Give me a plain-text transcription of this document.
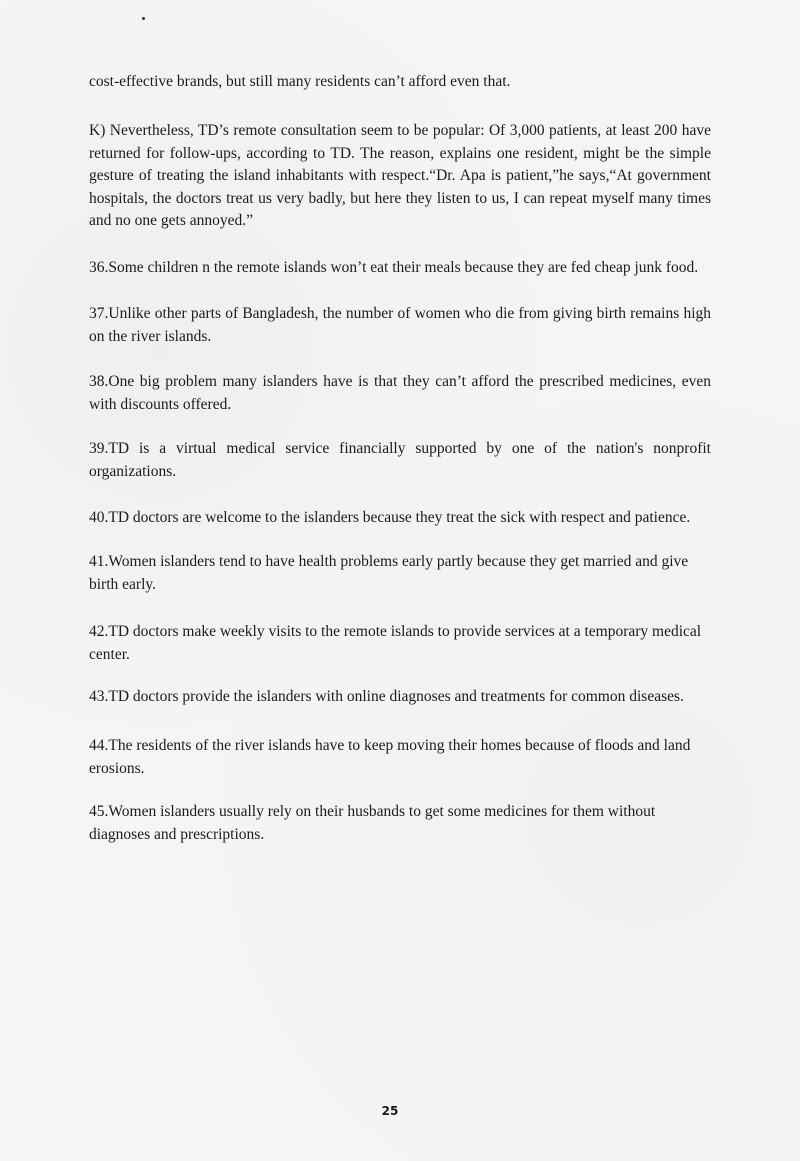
cost-effective brands, but still many residents can’t afford even that.

K) Nevertheless, TD’s remote consultation seem to be popular: Of 3,000 patients, at least 200 have returned for follow-ups, according to TD. The reason, explains one resident, might be the simple gesture of treating the island inhabitants with respect.“Dr. Apa is patient,”he says,“At government hospitals, the doctors treat us very badly, but here they listen to us, I can repeat myself many times and no one gets annoyed.”

36.Some children n the remote islands won’t eat their meals because they are fed cheap junk food.

37.Unlike other parts of Bangladesh, the number of women who die from giving birth remains high on the river islands.

38.One big problem many islanders have is that they can’t afford the prescribed medicines, even with discounts offered.

39.TD is a virtual medical service financially supported by one of the nation's nonprofit organizations.

40.TD doctors are welcome to the islanders because they treat the sick with respect and patience.

41.Women islanders tend to have health problems early partly because they get married and give birth early.

42.TD doctors make weekly visits to the remote islands to provide services at a temporary medical center.

43.TD doctors provide the islanders with online diagnoses and treatments for common diseases.

44.The residents of the river islands have to keep moving their homes because of floods and land erosions.

45.Women islanders usually rely on their husbands to get some medicines for them without diagnoses and prescriptions.

25
